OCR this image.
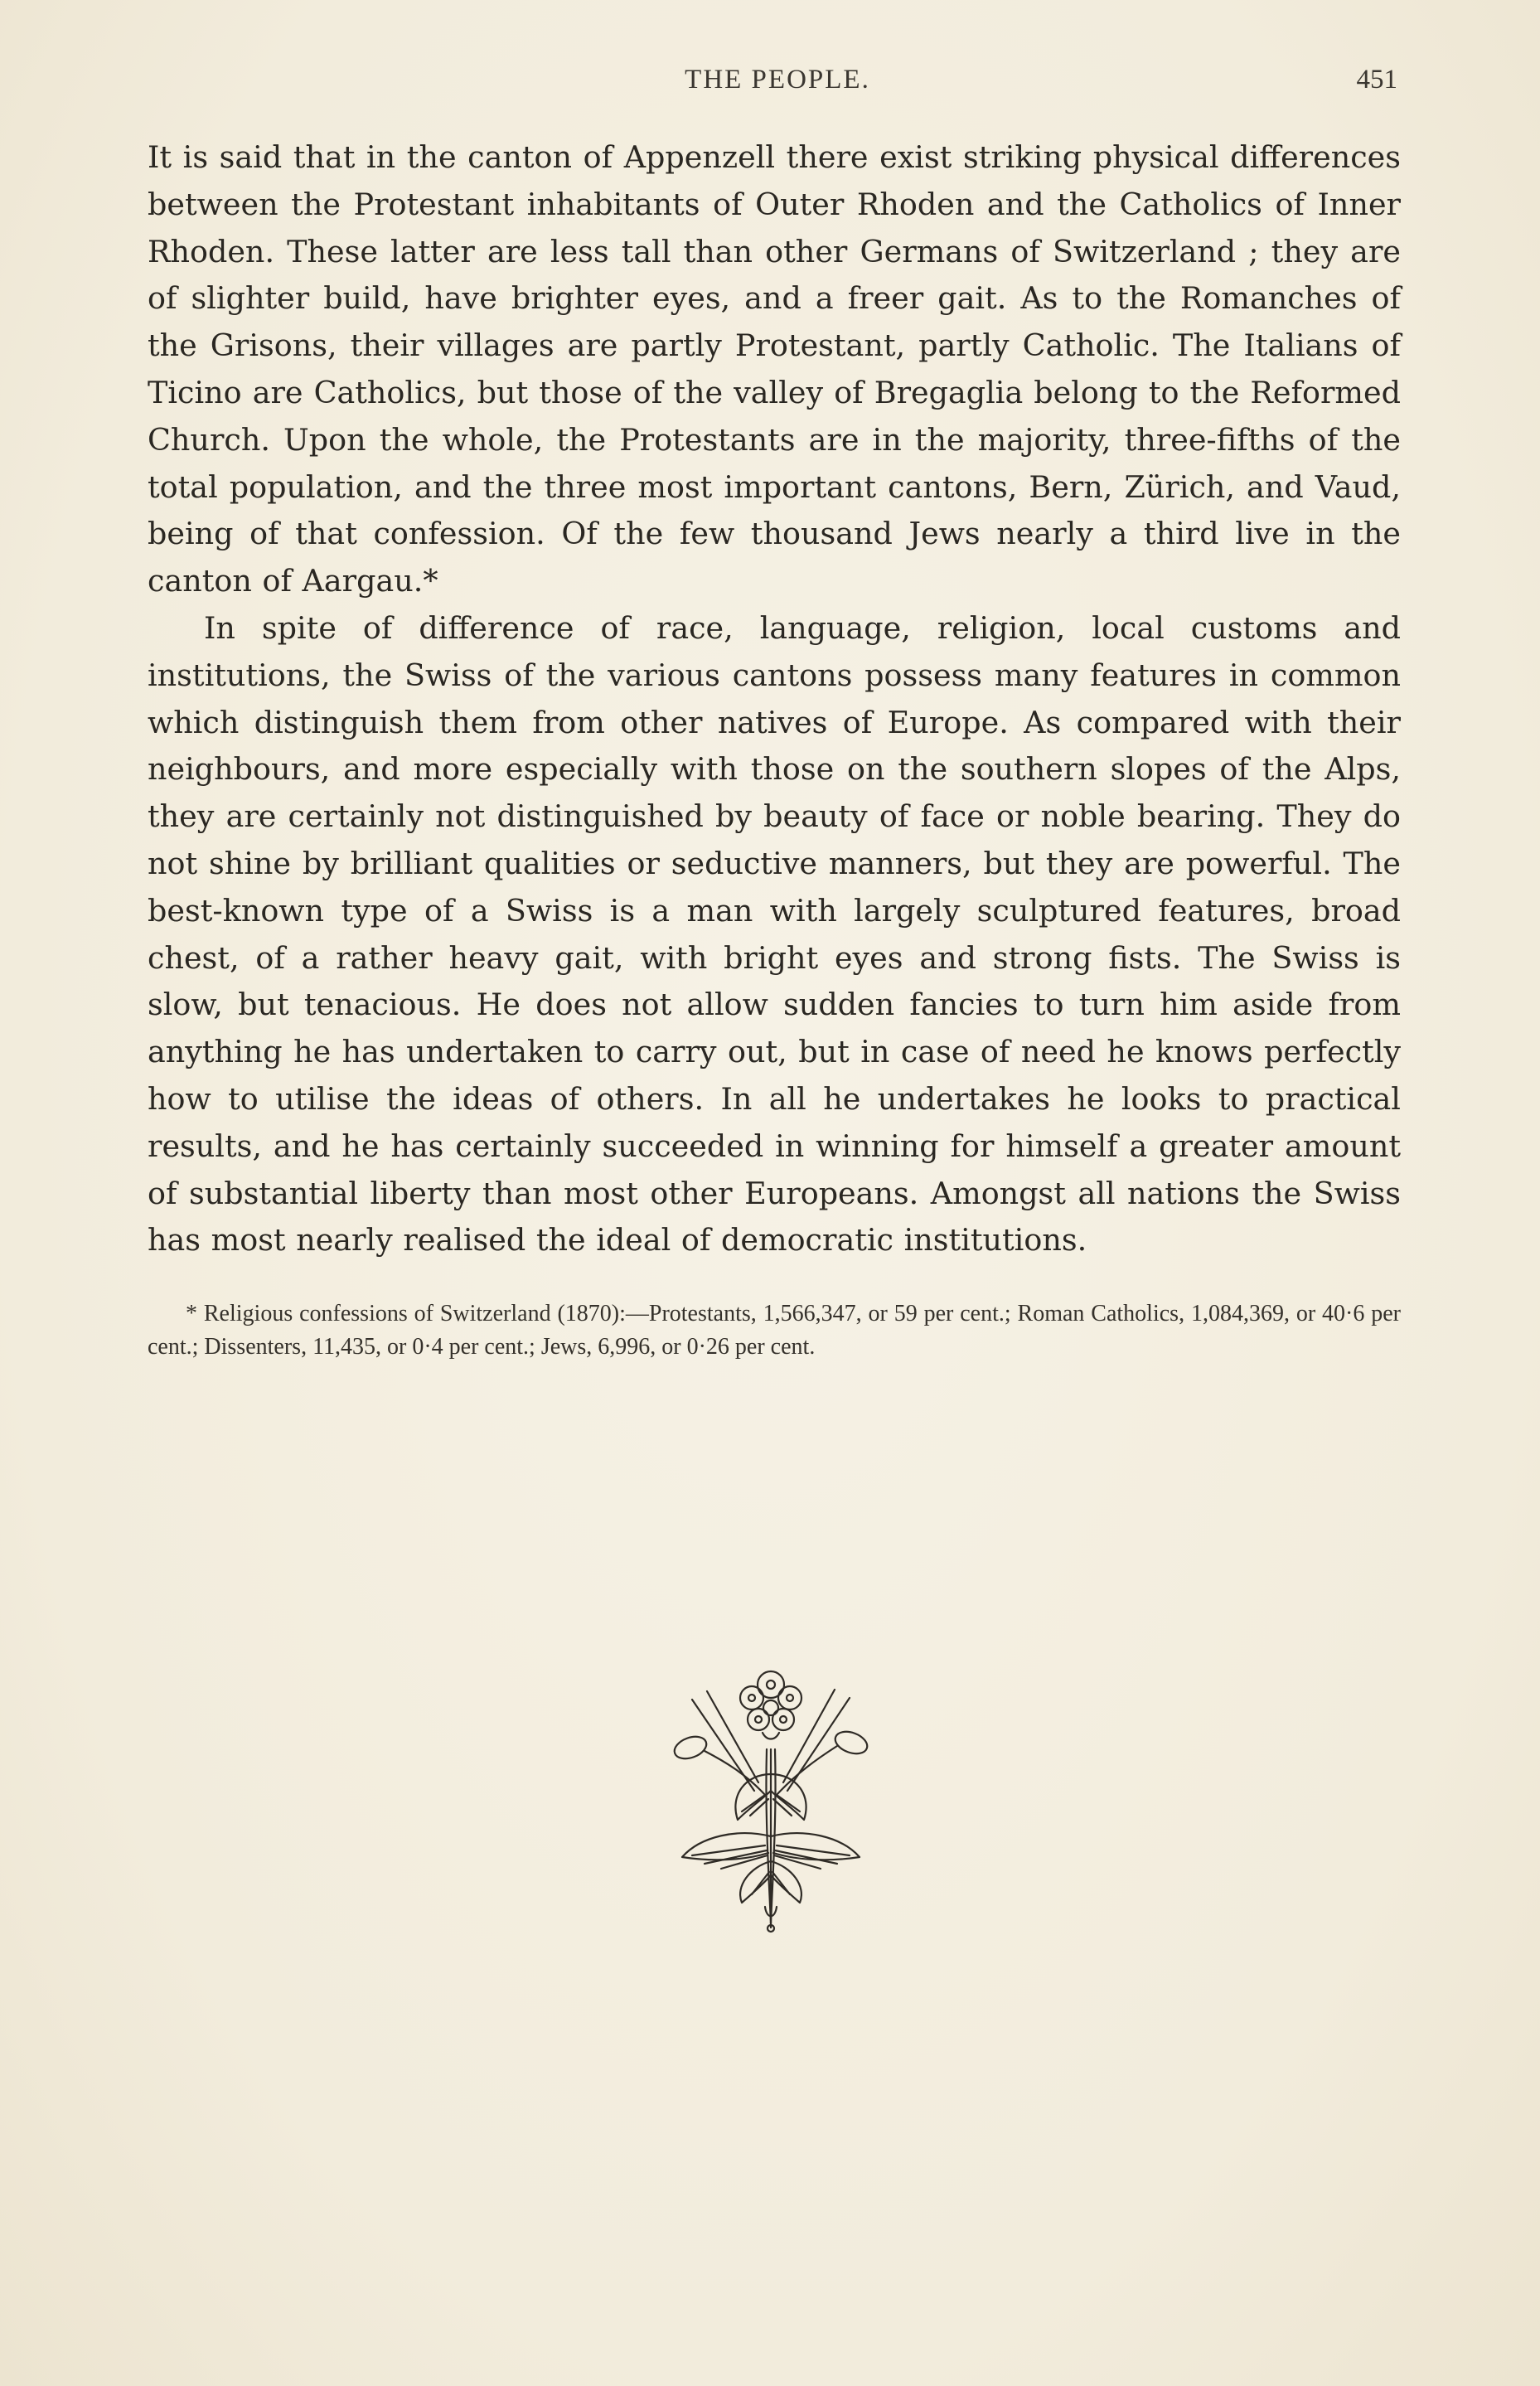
THE PEOPLE.	451

It is said that in the canton of Appenzell there exist striking physical differences between the Protestant inhabitants of Outer Rhoden and the Catholics of Inner Rhoden. These latter are less tall than other Germans of Switzerland ; they are of slighter build, have brighter eyes, and a freer gait. As to the Romanches of the Grisons, their villages are partly Protestant, partly Catholic. The Italians of Ticino are Catholics, but those of the valley of Bregaglia belong to the Reformed Church. Upon the whole, the Protestants are in the majority, three-fifths of the total population, and the three most important cantons, Bern, Zürich, and Vaud, being of that confession. Of the few thousand Jews nearly a third live in the canton of Aargau.*

In spite of difference of race, language, religion, local customs and institutions, the Swiss of the various cantons possess many features in common which distinguish them from other natives of Europe. As compared with their neighbours, and more especially with those on the southern slopes of the Alps, they are certainly not distinguished by beauty of face or noble bearing. They do not shine by brilliant qualities or seductive manners, but they are powerful. The best-known type of a Swiss is a man with largely sculptured features, broad chest, of a rather heavy gait, with bright eyes and strong fists. The Swiss is slow, but tenacious. He does not allow sudden fancies to turn him aside from anything he has undertaken to carry out, but in case of need he knows perfectly how to utilise the ideas of others. In all he undertakes he looks to practical results, and he has certainly succeeded in winning for himself a greater amount of substantial liberty than most other Europeans. Amongst all nations the Swiss has most nearly realised the ideal of democratic institutions.

* Religious confessions of Switzerland (1870):—Protestants, 1,566,347, or 59 per cent.; Roman Catholics, 1,084,369, or 40·6 per cent.; Dissenters, 11,435, or 0·4 per cent.; Jews, 6,996, or 0·26 per cent.
